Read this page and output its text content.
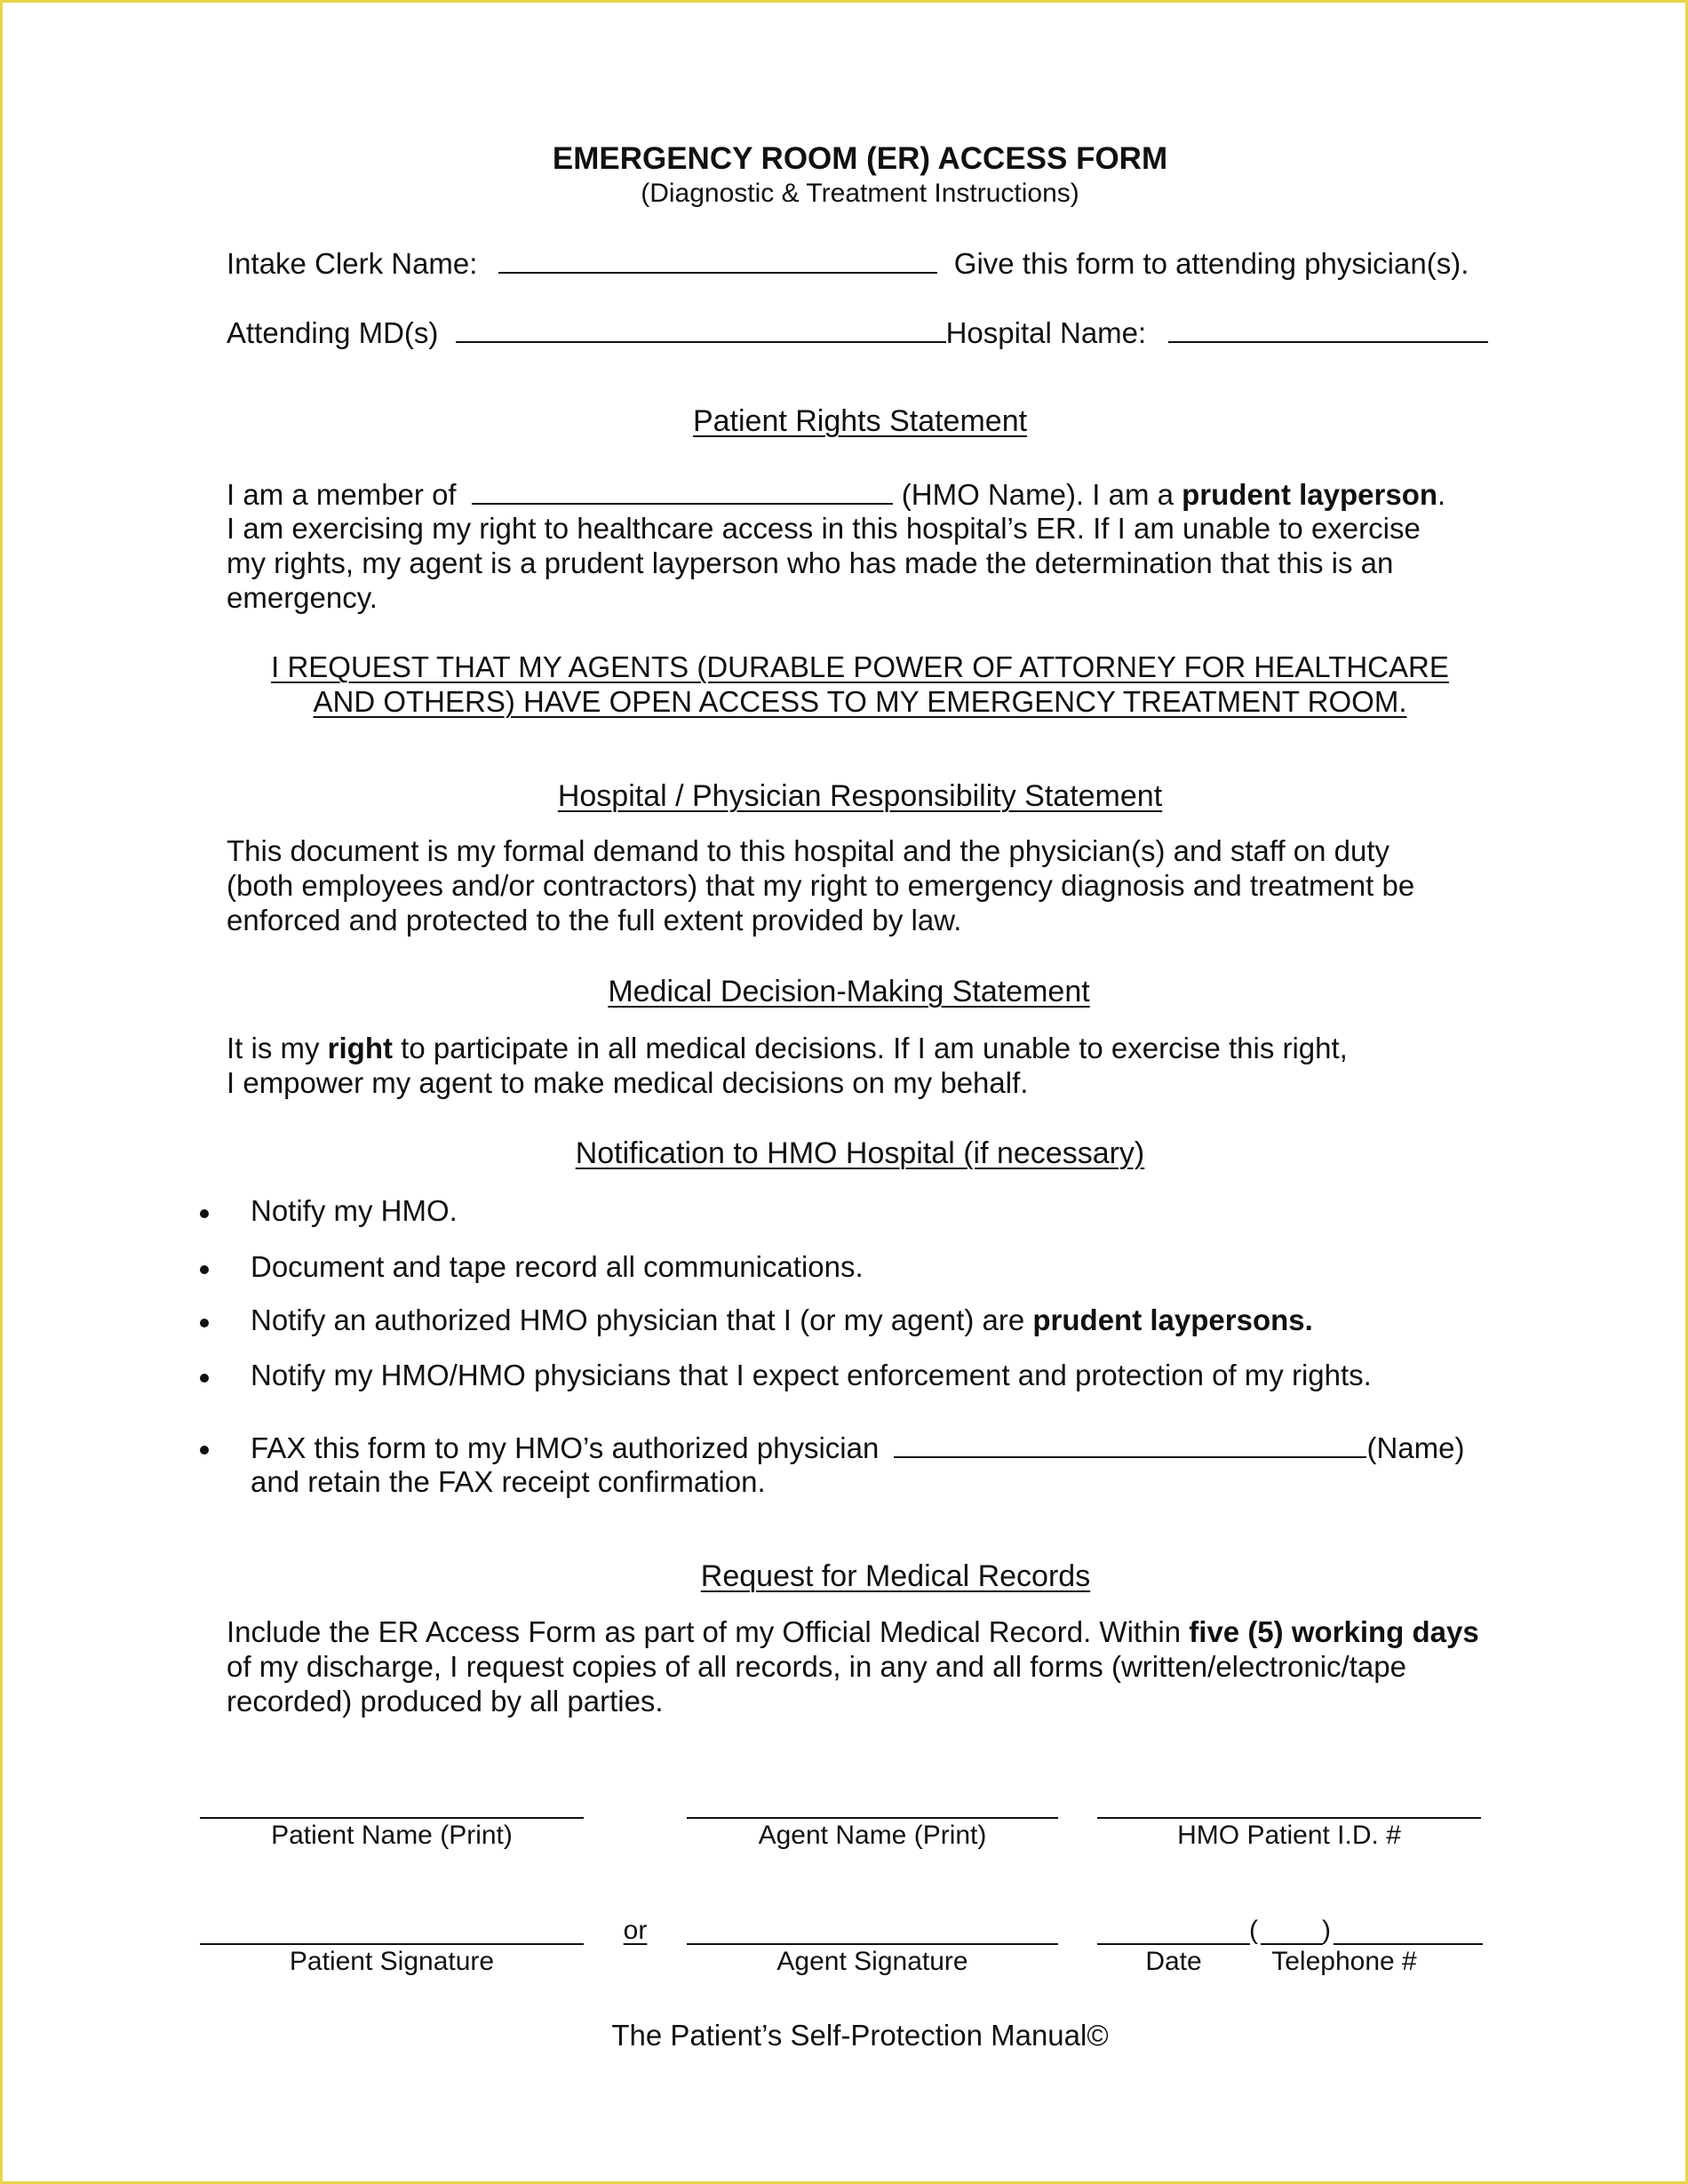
EMERGENCY ROOM (ER) ACCESS FORM
(Diagnostic & Treatment Instructions)
Intake Clerk Name:	Give this form to attending physician(s).
Attending MD(s)	Hospital Name:
Patient Rights Statement
I am a member of	(HMO Name). I am a prudent layperson.
I am exercising my right to healthcare access in this hospital’s ER. If I am unable to exercise
my rights, my agent is a prudent layperson who has made the determination that this is an
emergency.
I REQUEST THAT MY AGENTS (DURABLE POWER OF ATTORNEY FOR HEALTHCARE
AND OTHERS) HAVE OPEN ACCESS TO MY EMERGENCY TREATMENT ROOM.
Hospital / Physician Responsibility Statement
This document is my formal demand to this hospital and the physician(s) and staff on duty
(both employees and/or contractors) that my right to emergency diagnosis and treatment be
enforced and protected to the full extent provided by law.
Medical Decision-Making Statement
It is my right to participate in all medical decisions. If I am unable to exercise this right,
I empower my agent to make medical decisions on my behalf.
Notification to HMO Hospital (if necessary)
Notify my HMO.
Document and tape record all communications.
Notify an authorized HMO physician that I (or my agent) are prudent laypersons.
Notify my HMO/HMO physicians that I expect enforcement and protection of my rights.
FAX this form to my HMO’s authorized physician	(Name)
and retain the FAX receipt confirmation.
Request for Medical Records
Include the ER Access Form as part of my Official Medical Record. Within five (5) working days
of my discharge, I request copies of all records, in any and all forms (written/electronic/tape
recorded) produced by all parties.
Patient Name (Print)	Agent Name (Print)	HMO Patient I.D. #
or	( )
Patient Signature	Agent Signature	Date	Telephone #
The Patient’s Self-Protection Manual©
